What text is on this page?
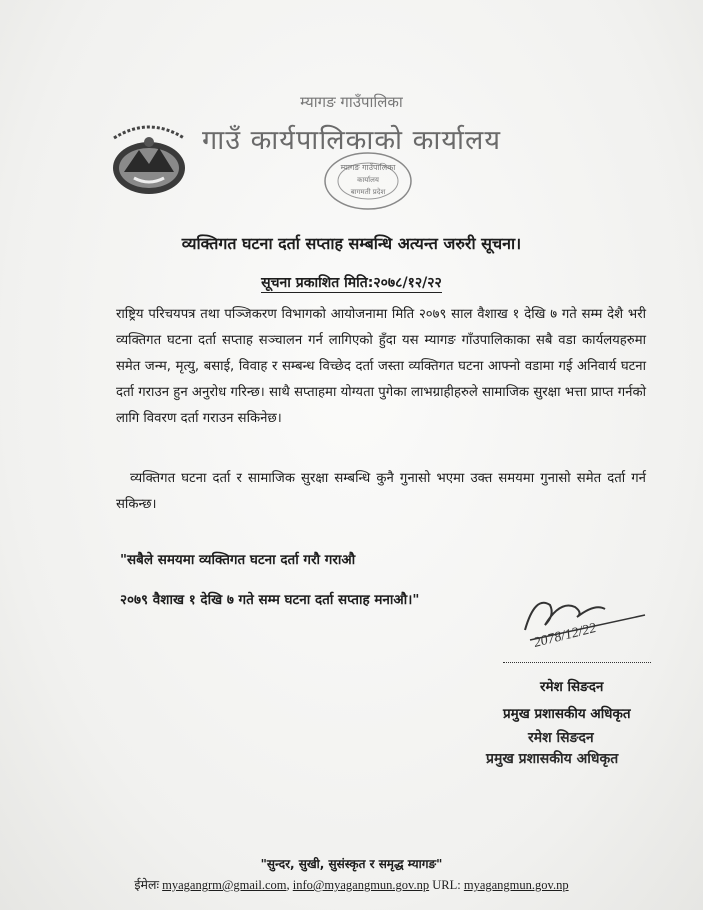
म्यागङ गाउँपालिका
गाउँ कार्यपालिकाको कार्यालय
म्यागङ गाउँपालिका
कार्यालय
बागमती प्रदेश
व्यक्तिगत घटना दर्ता सप्ताह सम्बन्धि अत्यन्त जरुरी सूचना।
सूचना प्रकाशित मिति:२०७८/१२/२२
राष्ट्रिय परिचयपत्र तथा पञ्जिकरण विभागको आयोजनामा मिति २०७९ साल वैशाख १ देखि ७ गते सम्म देशै भरी व्यक्तिगत घटना दर्ता सप्ताह सञ्चालन गर्न लागिएको हुँदा यस म्यागङ गाँउपालिकाका सबै वडा कार्यलयहरुमा समेत जन्म, मृत्यु, बसाई, विवाह र सम्बन्ध विच्छेद दर्ता जस्ता व्यक्तिगत घटना आफ्नो वडामा गई अनिवार्य घटना दर्ता गराउन हुन अनुरोध गरिन्छ। साथै सप्ताहमा योग्यता पुगेका लाभग्राहीहरुले सामाजिक सुरक्षा भत्ता प्राप्त गर्नको लागि विवरण दर्ता गराउन सकिनेछ।
व्यक्तिगत घटना दर्ता र सामाजिक सुरक्षा सम्बन्धि कुनै गुनासो भएमा उक्त समयमा गुनासो समेत दर्ता गर्न सकिन्छ।
"सबैले समयमा व्यक्तिगत घटना दर्ता गरौ गराऔ
२०७९ वैशाख १ देखि ७ गते सम्म घटना दर्ता सप्ताह मनाऔ।"
2078/12/22
रमेश सिङदन
प्रमुख प्रशासकीय अधिकृत
रमेश सिङदन
प्रमुख प्रशासकीय अधिकृत
"सुन्दर, सुखी, सुसंस्कृत र समृद्ध म्यागङ"
ईमेलः myagangrm@gmail.com, info@myagangmun.gov.np URL: myagangmun.gov.np
